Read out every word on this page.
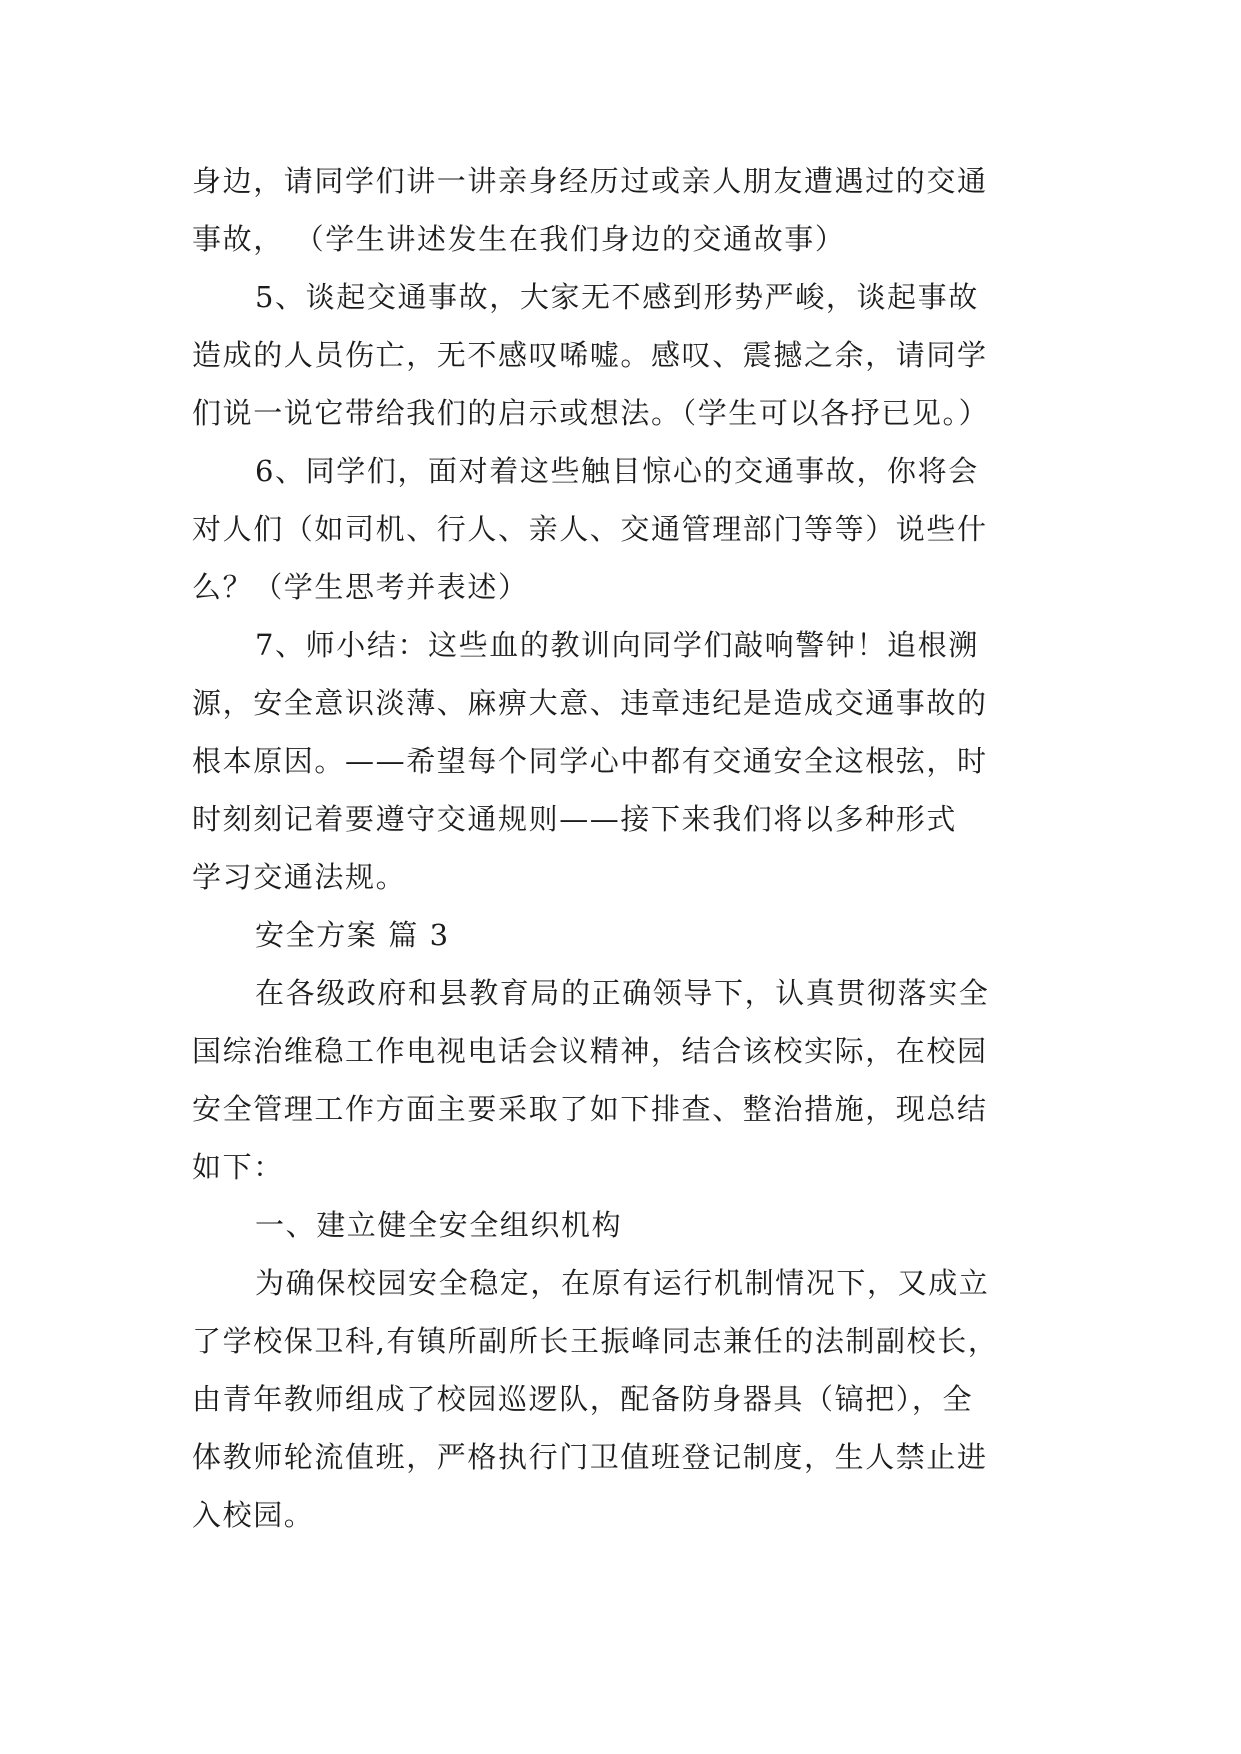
身边，请同学们讲一讲亲身经历过或亲人朋友遭遇过的交通
事故， （学生讲述发生在我们身边的交通故事）
5、谈起交通事故，大家无不感到形势严峻，谈起事故
造成的人员伤亡，无不感叹唏嘘。感叹、震撼之余，请同学
们说一说它带给我们的启示或想法。（学生可以各抒已见。）
6、同学们，面对着这些触目惊心的交通事故，你将会
对人们（如司机、行人、亲人、交通管理部门等等）说些什
么？（学生思考并表述）
7、师小结：这些血的教训向同学们敲响警钟！追根溯
源，安全意识淡薄、麻痹大意、违章违纪是造成交通事故的
根本原因。——希望每个同学心中都有交通安全这根弦，时
时刻刻记着要遵守交通规则——接下来我们将以多种形式
学习交通法规。
安全方案 篇 3
在各级政府和县教育局的正确领导下，认真贯彻落实全
国综治维稳工作电视电话会议精神，结合该校实际，在校园
安全管理工作方面主要采取了如下排查、整治措施，现总结
如下：
一、建立健全安全组织机构
为确保校园安全稳定，在原有运行机制情况下，又成立
了学校保卫科,有镇所副所长王振峰同志兼任的法制副校长，
由青年教师组成了校园巡逻队，配备防身器具（镐把），全
体教师轮流值班，严格执行门卫值班登记制度，生人禁止进
入校园。
